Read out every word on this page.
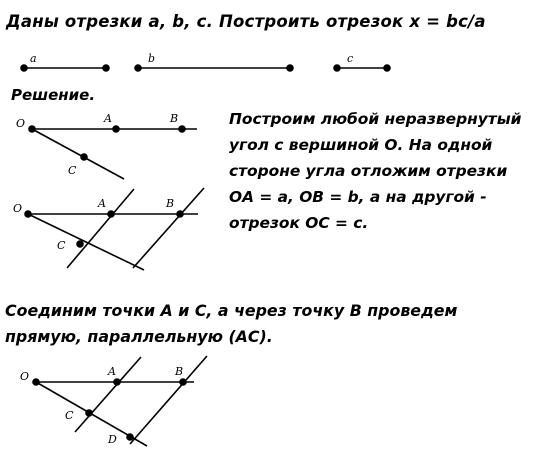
Даны отрезки a, b, c. Построить отрезок x = bc/a
Решение.
Построим любой неразвернутый
угол с вершиной О. На одной
стороне угла отложим отрезки
ОА = a, ОВ = b, а на другой -
отрезок ОС = c.
Соединим точки А и С, а через точку В проведем
прямую, параллельную (АС).
a	b	c
O	A	B
C
O	A	B
C
O	A	B
C
D
